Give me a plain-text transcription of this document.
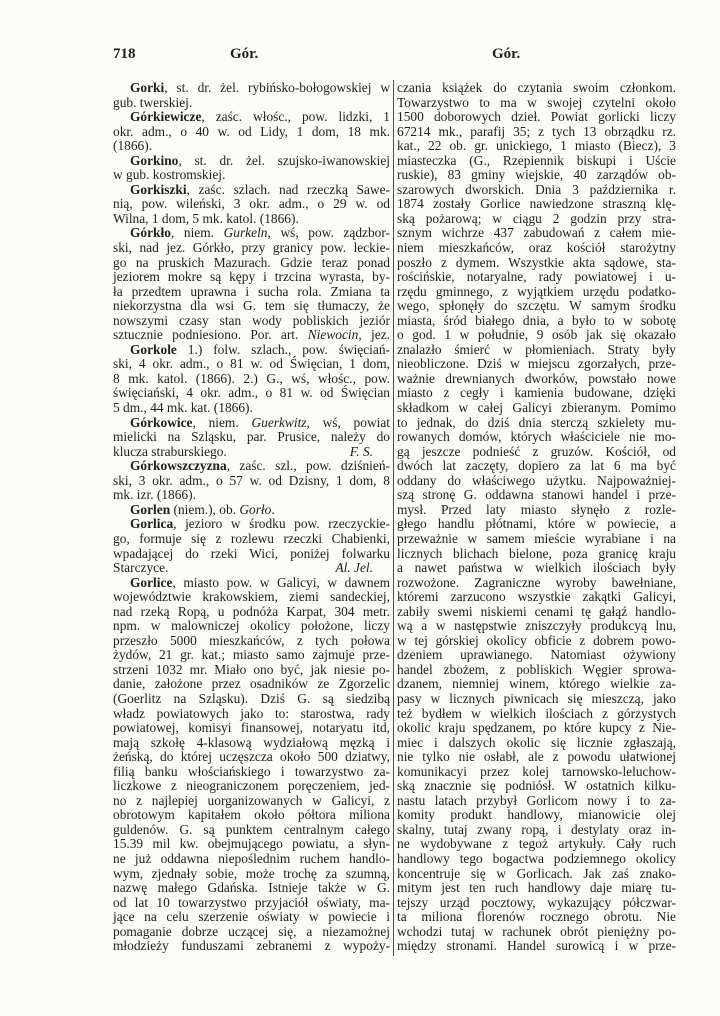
718	Gór.	Gór.
Gorki, st. dr. żel. rybińsko-bołogowskiej w
gub. twerskiej.
Górkiewicze, zaśc. włośc., pow. lidzki, 1
okr. adm., o 40 w. od Lidy, 1 dom, 18 mk.
(1866).
Gorkino, st. dr. żel. szujsko-iwanowskiej
w gub. kostromskiej.
Gorkiszki, zaśc. szlach. nad rzeczką Sawe-
nią, pow. wileński, 3 okr. adm., o 29 w. od
Wilna, 1 dom, 5 mk. katol. (1866).
Górkło, niem. Gurkeln, wś, pow. ządzbor-
ski, nad jez. Górkło, przy granicy pow. leckie-
go na pruskich Mazurach. Gdzie teraz ponad
jeziorem mokre są kępy i trzcina wyrasta, by-
ła przedtem uprawna i sucha rola. Zmiana ta
niekorzystna dla wsi G. tem się tłumaczy, że
nowszymi czasy stan wody pobliskich jeziór
sztucznie podniesiono. Por. art. Niewocin, jez.
Gorkole 1.) folw. szlach., pow. święciań-
ski, 4 okr. adm., o 81 w. od Święcian, 1 dom,
8 mk. katol. (1866). 2.) G., wś, włośc., pow.
święciański, 4 okr. adm., o 81 w. od Święcian
5 dm., 44 mk. kat. (1866).
Górkowice, niem. Guerkwitz, wś, powiat
mielicki na Szląsku, par. Prusice, należy do
F. S.
klucza straburskiego.
Górkowszczyzna, zaśc. szl., pow. dziśnień-
ski, 3 okr. adm., o 57 w. od Dzisny, 1 dom, 8
mk. izr. (1866).
Gorlen (niem.), ob. Gorło.
Gorlica, jezioro w środku pow. rzeczyckie-
go, formuje się z rozlewu rzeczki Chabienki,
wpadającej do rzeki Wici, poniżej folwarku
Al. Jel.
Starczyce.
Gorlice, miasto pow. w Galicyi, w dawnem
województwie krakowskiem, ziemi sandeckiej,
nad rzeką Ropą, u podnóża Karpat, 304 metr.
npm. w malowniczej okolicy położone, liczy
przeszło 5000 mieszkańców, z tych połowa
żydów, 21 gr. kat.; miasto samo zajmuje prze-
strzeni 1032 mr. Miało ono być, jak niesie po-
danie, założone przez osadników ze Zgorzelic
(Goerlitz na Szląsku). Dziś G. są siedzibą
władz powiatowych jako to: starostwa, rady
powiatowej, komisyi finansowej, notaryatu itd,
mają szkołę 4-klasową wydziałową męzką i
żeńską, do której uczęszcza około 500 dziatwy,
filią banku włościańskiego i towarzystwo za-
liczkowe z nieograniczonem poręczeniem, jed-
no z najlepiej uorganizowanych w Galicyi, z
obrotowym kapitałem około półtora miliona
guldenów. G. są punktem centralnym całego
15.39 mil kw. obejmującego powiatu, a słyn-
ne już oddawna niepoślednim ruchem handlo-
wym, zjednały sobie, może trochę za szumną,
nazwę małego Gdańska. Istnieje także w G.
od lat 10 towarzystwo przyjaciół oświaty, ma-
jące na celu szerzenie oświaty w powiecie i
pomaganie dobrze uczącej się, a niezamożnej
młodzieży funduszami zebranemi z wypoży-
czania książek do czytania swoim członkom.
Towarzystwo to ma w swojej czytelni około
1500 doborowych dzieł. Powiat gorlicki liczy
67214 mk., parafij 35; z tych 13 obrządku rz.
kat., 22 ob. gr. unickiego, 1 miasto (Biecz), 3
miasteczka (G., Rzepiennik biskupi i Uście
ruskie), 83 gminy wiejskie, 40 zarządów ob-
szarowych dworskich. Dnia 3 października r.
1874 zostały Gorlice nawiedzone straszną klę-
ską pożarową; w ciągu 2 godzin przy stra-
sznym wichrze 437 zabudowań z całem mie-
niem mieszkańców, oraz kościół starożytny
poszło z dymem. Wszystkie akta sądowe, sta-
rościńskie, notaryalne, rady powiatowej i u-
rzędu gminnego, z wyjątkiem urzędu podatko-
wego, spłonęły do szczętu. W samym środku
miasta, śród białego dnia, a było to w sobotę
o god. 1 w południe, 9 osób jak się okazało
znalazło śmierć w płomieniach. Straty były
nieobliczone. Dziś w miejscu zgorzałych, prze-
ważnie drewnianych dworków, powstało nowe
miasto z cegły i kamienia budowane, dzięki
składkom w całej Galicyi zbieranym. Pomimo
to jednak, do dziś dnia sterczą szkielety mu-
rowanych domów, których właściciele nie mo-
gą jeszcze podnieść z gruzów. Kościół, od
dwóch lat zaczęty, dopiero za lat 6 ma być
oddany do właściwego użytku. Najpoważniej-
szą stronę G. oddawna stanowi handel i prze-
mysł. Przed laty miasto słynęło z rozle-
głego handlu płótnami, które w powiecie, a
przeważnie w samem mieście wyrabiane i na
licznych blichach bielone, poza granicę kraju
a nawet państwa w wielkich ilościach były
rozwożone. Zagraniczne wyroby bawełniane,
któremi zarzucono wszystkie zakątki Galicyi,
zabiły swemi niskiemi cenami tę gałąź handlo-
wą a w następstwie zniszczyły produkcyą lnu,
w tej górskiej okolicy obficie z dobrem powo-
dzeniem uprawianego. Natomiast ożywiony
handel zbożem, z pobliskich Węgier sprowa-
dzanem, niemniej winem, którego wielkie za-
pasy w licznych piwnicach się mieszczą, jako
też bydłem w wielkich ilościach z górzystych
okolic kraju spędzanem, po które kupcy z Nie-
miec i dalszych okolic się licznie zgłaszają,
nie tylko nie osłabł, ale z powodu ułatwionej
komunikacyi przez kolej tarnowsko-leluchow-
ską znacznie się podniósł. W ostatnich kilku-
nastu latach przybył Gorlicom nowy i to za-
komity produkt handlowy, mianowicie olej
skalny, tutaj zwany ropą, i destylaty oraz in-
ne wydobywane z tegoż artykuły. Cały ruch
handlowy tego bogactwa podziemnego okolicy
koncentruje się w Gorlicach. Jak zaś znako-
mitym jest ten ruch handlowy daje miarę tu-
tejszy urząd pocztowy, wykazujący półczwar-
ta miliona florenów rocznego obrotu. Nie
wchodzi tutaj w rachunek obrót pieniężny po-
między stronami. Handel surowicą i w prze-
